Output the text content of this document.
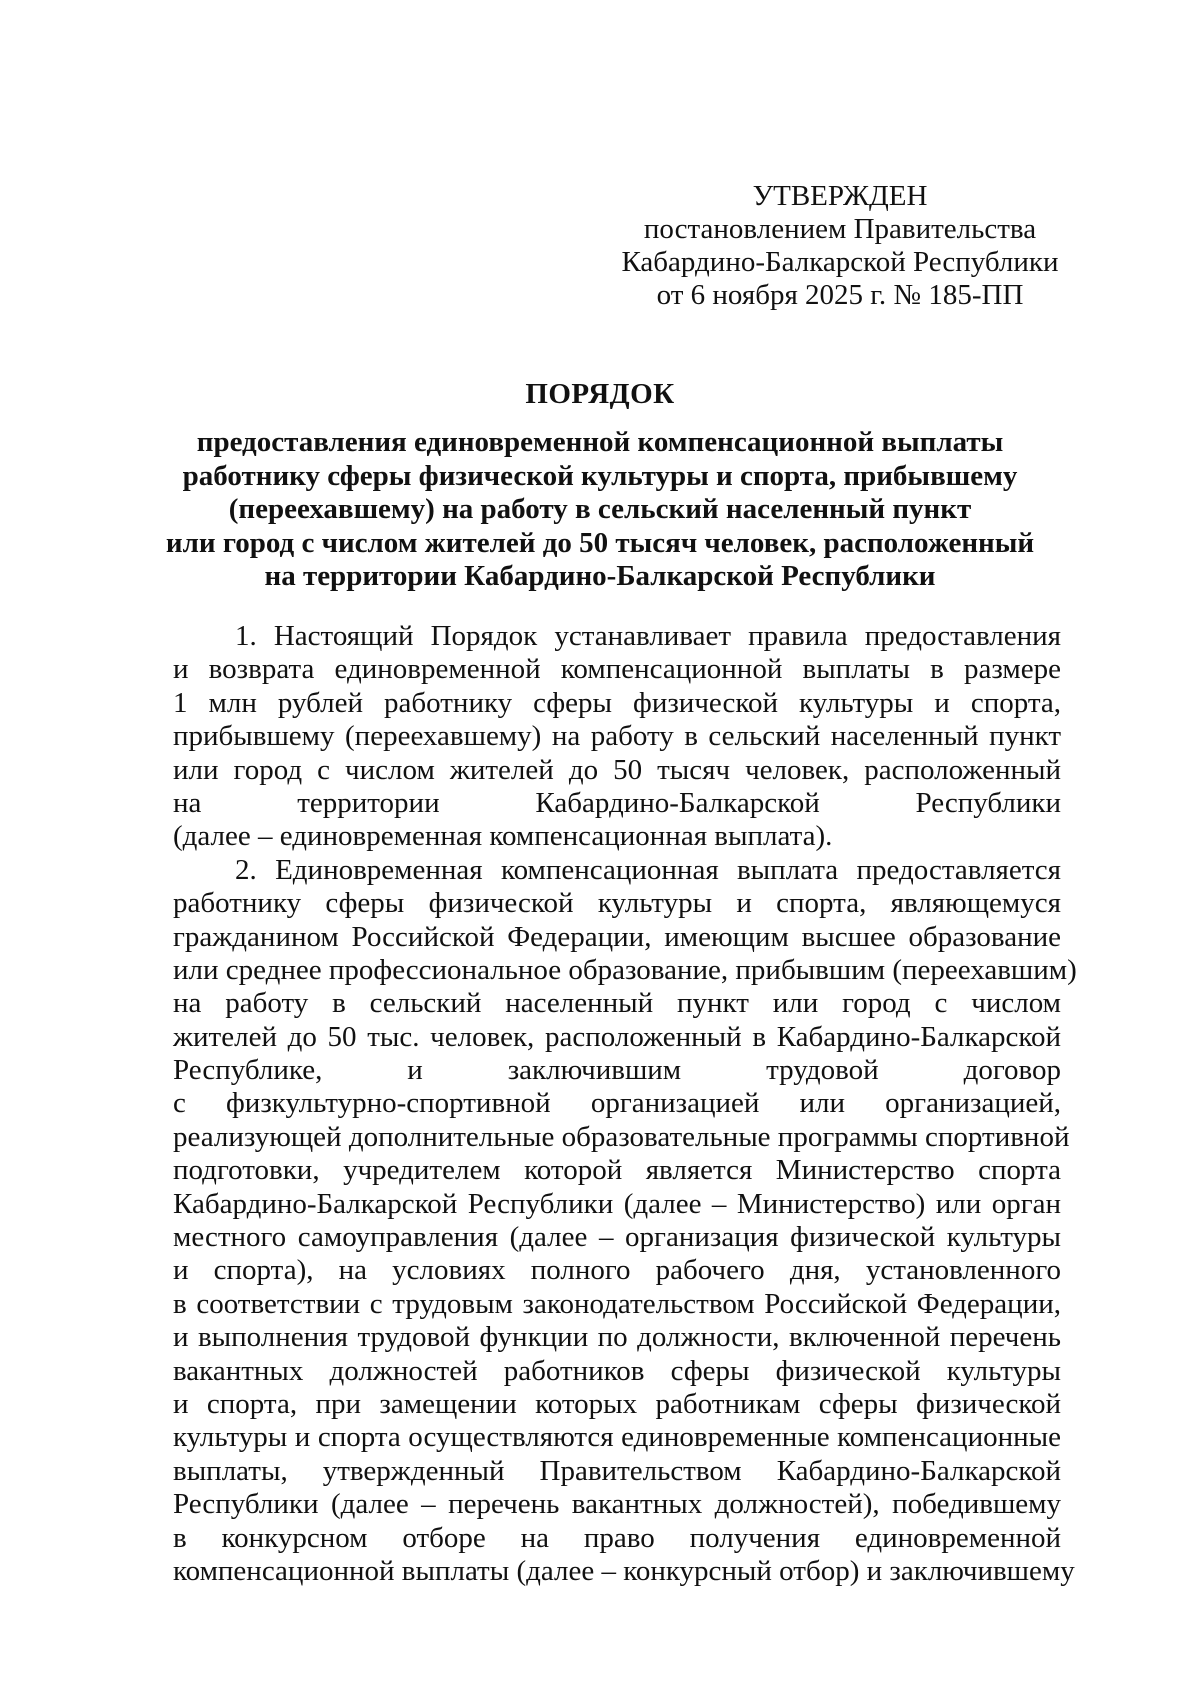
УТВЕРЖДЕН
постановлением Правительства
Кабардино-Балкарской Республики
от 6 ноября 2025 г. № 185-ПП
ПОРЯДОК
предоставления единовременной компенсационной выплаты
работнику сферы физической культуры и спорта, прибывшему
(переехавшему) на работу в сельский населенный пункт
или город с числом жителей до 50 тысяч человек, расположенный
на территории Кабардино-Балкарской Республики
1. Настоящий Порядок устанавливает правила предоставления
и возврата единовременной компенсационной выплаты в размере
1 млн рублей работнику сферы физической культуры и спорта,
прибывшему (переехавшему) на работу в сельский населенный пункт
или город с числом жителей до 50 тысяч человек, расположенный
на территории Кабардино-Балкарской Республики
(далее – единовременная компенсационная выплата).
2. Единовременная компенсационная выплата предоставляется
работнику сферы физической культуры и спорта, являющемуся
гражданином Российской Федерации, имеющим высшее образование
или среднее профессиональное образование, прибывшим (переехавшим)
на работу в сельский населенный пункт или город с числом
жителей до 50 тыс. человек, расположенный в Кабардино-Балкарской
Республике, и заключившим трудовой договор
с физкультурно-спортивной организацией или организацией,
реализующей дополнительные образовательные программы спортивной
подготовки, учредителем которой является Министерство спорта
Кабардино-Балкарской Республики (далее – Министерство) или орган
местного самоуправления (далее – организация физической культуры
и спорта), на условиях полного рабочего дня, установленного
в соответствии с трудовым законодательством Российской Федерации,
и выполнения трудовой функции по должности, включенной перечень
вакантных должностей работников сферы физической культуры
и спорта, при замещении которых работникам сферы физической
культуры и спорта осуществляются единовременные компенсационные
выплаты, утвержденный Правительством Кабардино-Балкарской
Республики (далее – перечень вакантных должностей), победившему
в конкурсном отборе на право получения единовременной
компенсационной выплаты (далее – конкурсный отбор) и заключившему
